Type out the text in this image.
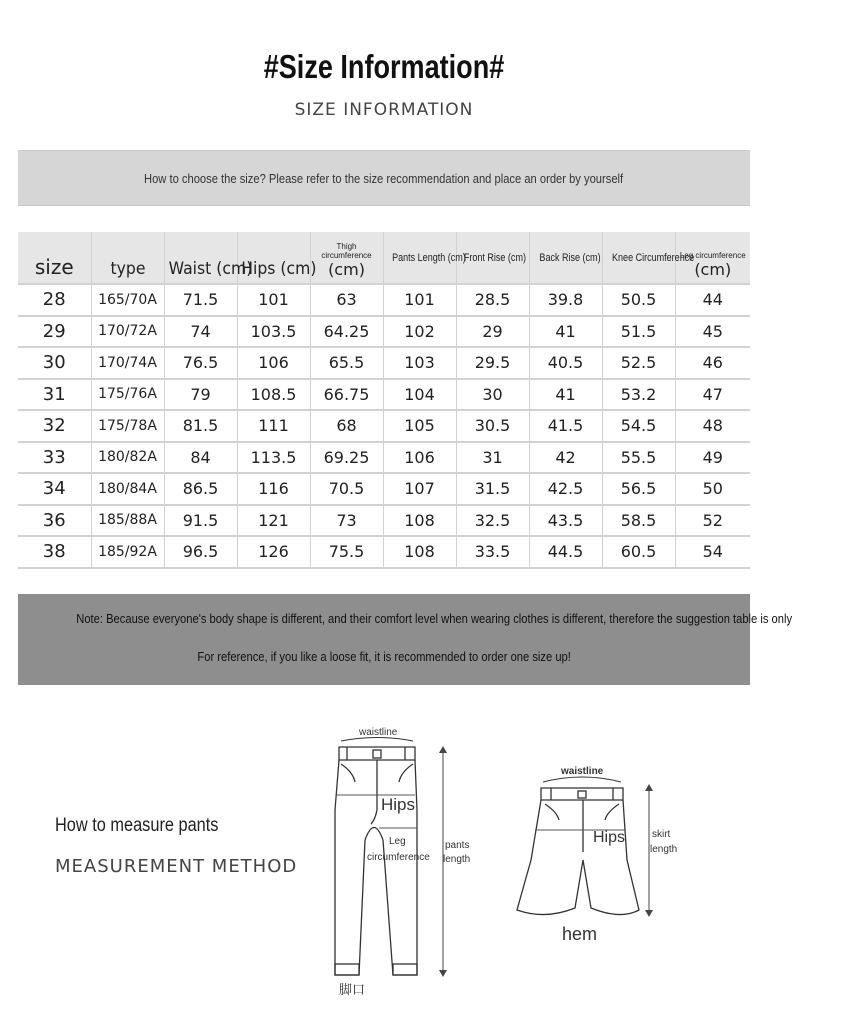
#Size Information#
SIZE INFORMATION
How to choose the size? Please refer to the size recommendation and place an order by yourself
size	type	Waist (cm)	Hips (cm)	Thigh
circumference
(cm)	Pants Length (cm)	Front Rise (cm)	Back Rise (cm)	Knee Circumference	Leg circumference
(cm)

28	165/70A	71.5	101	63	101	28.5	39.8	50.5	44
29	170/72A	74	103.5	64.25	102	29	41	51.5	45
30	170/74A	76.5	106	65.5	103	29.5	40.5	52.5	46
31	175/76A	79	108.5	66.75	104	30	41	53.2	47
32	175/78A	81.5	111	68	105	30.5	41.5	54.5	48
33	180/82A	84	113.5	69.25	106	31	42	55.5	49
34	180/84A	86.5	116	70.5	107	31.5	42.5	56.5	50
36	185/88A	91.5	121	73	108	32.5	43.5	58.5	52
38	185/92A	96.5	126	75.5	108	33.5	44.5	60.5	54
Note: Because everyone's body shape is different, and their comfort level when wearing clothes is different, therefore the suggestion table is only
For reference, if you like a loose fit, it is recommended to order one size up!
How to measure pants
MEASUREMENT METHOD
waistline
Hips
Leg
circumference
pants
length
脚口
waistline
Hips	skirt
length
hem
